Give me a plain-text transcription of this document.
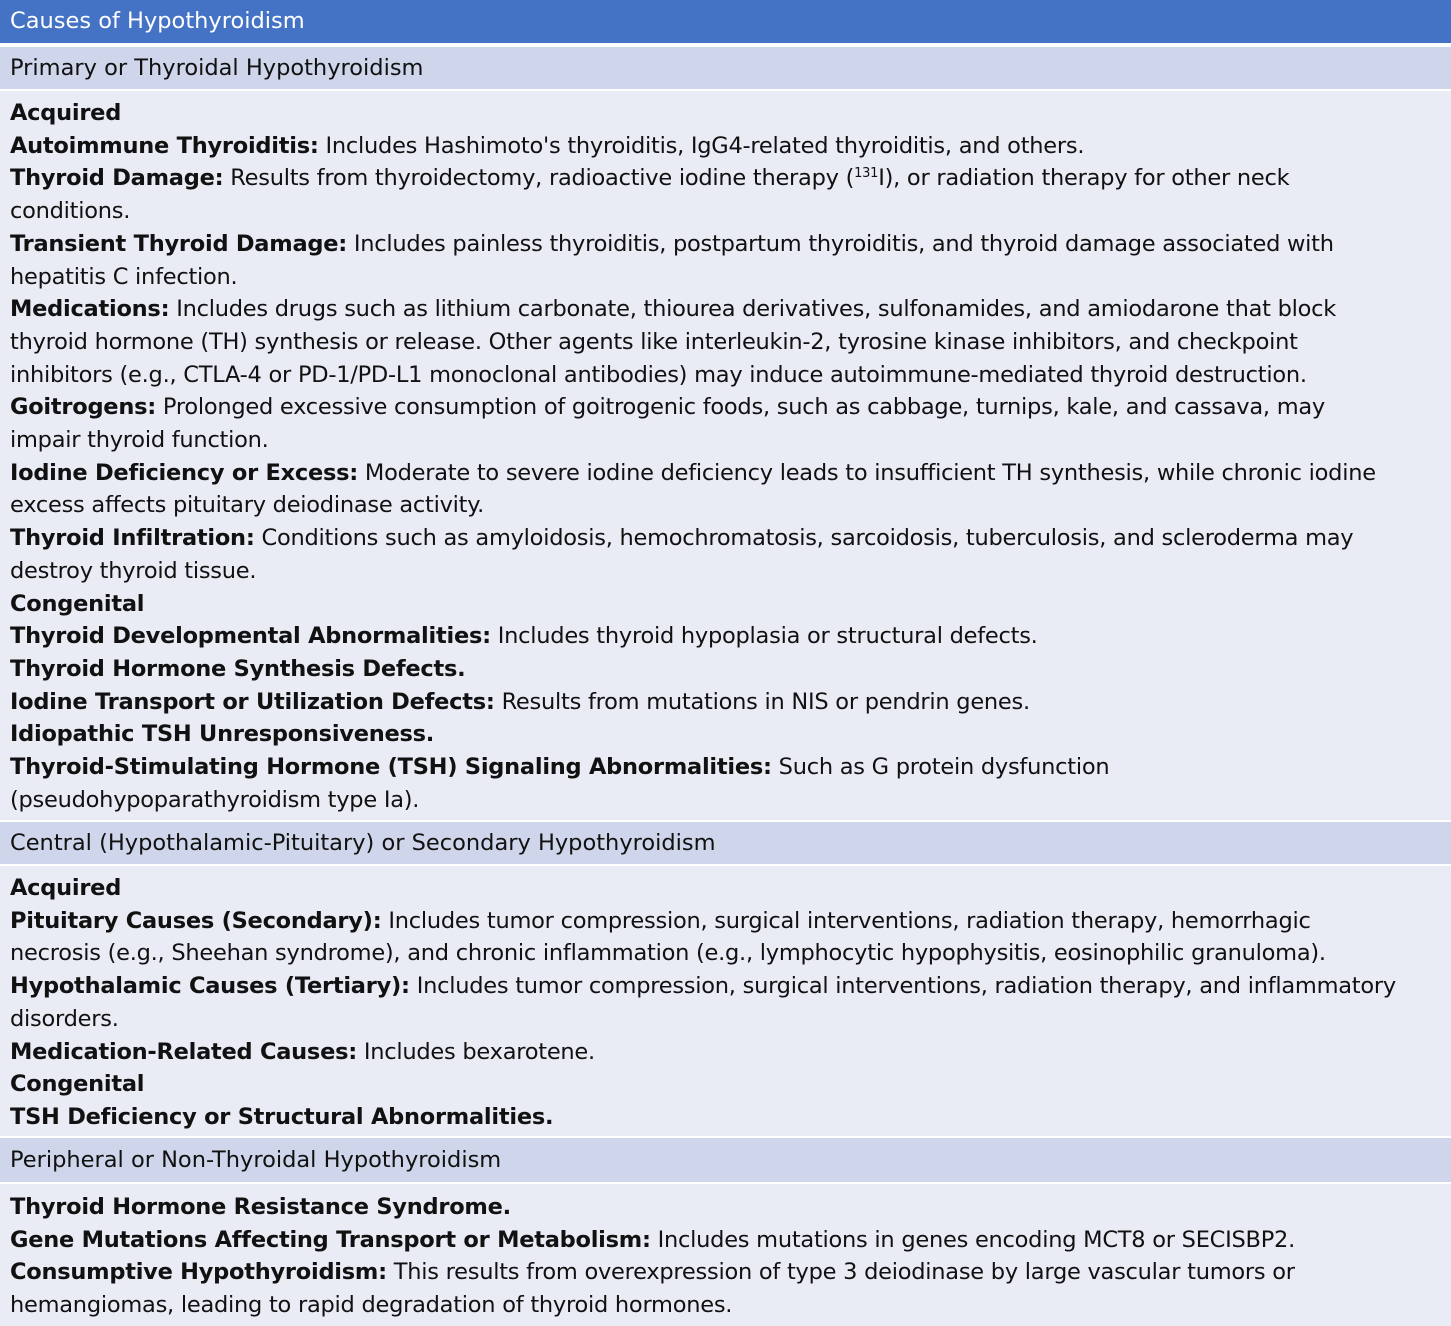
Causes of Hypothyroidism
Primary or Thyroidal Hypothyroidism
Acquired
Autoimmune Thyroiditis: Includes Hashimoto's thyroiditis, IgG4-related thyroiditis, and others.
Thyroid Damage: Results from thyroidectomy, radioactive iodine therapy ($^{131}$I), or radiation therapy for other neck
conditions.
Transient Thyroid Damage: Includes painless thyroiditis, postpartum thyroiditis, and thyroid damage associated with
hepatitis C infection.
Medications: Includes drugs such as lithium carbonate, thiourea derivatives, sulfonamides, and amiodarone that block
thyroid hormone (TH) synthesis or release. Other agents like interleukin-2, tyrosine kinase inhibitors, and checkpoint
inhibitors (e.g., CTLA-4 or PD-1/PD-L1 monoclonal antibodies) may induce autoimmune-mediated thyroid destruction.
Goitrogens: Prolonged excessive consumption of goitrogenic foods, such as cabbage, turnips, kale, and cassava, may
impair thyroid function.
Iodine Deficiency or Excess: Moderate to severe iodine deficiency leads to insufficient TH synthesis, while chronic iodine
excess affects pituitary deiodinase activity.
Thyroid Infiltration: Conditions such as amyloidosis, hemochromatosis, sarcoidosis, tuberculosis, and scleroderma may
destroy thyroid tissue.
Congenital
Thyroid Developmental Abnormalities: Includes thyroid hypoplasia or structural defects.
Thyroid Hormone Synthesis Defects.
Iodine Transport or Utilization Defects: Results from mutations in NIS or pendrin genes.
Idiopathic TSH Unresponsiveness.
Thyroid-Stimulating Hormone (TSH) Signaling Abnormalities: Such as G protein dysfunction
(pseudohypoparathyroidism type Ia).
Central (Hypothalamic-Pituitary) or Secondary Hypothyroidism
Acquired
Pituitary Causes (Secondary): Includes tumor compression, surgical interventions, radiation therapy, hemorrhagic
necrosis (e.g., Sheehan syndrome), and chronic inflammation (e.g., lymphocytic hypophysitis, eosinophilic granuloma).
Hypothalamic Causes (Tertiary): Includes tumor compression, surgical interventions, radiation therapy, and inflammatory
disorders.
Medication-Related Causes: Includes bexarotene.
Congenital
TSH Deficiency or Structural Abnormalities.
Peripheral or Non-Thyroidal Hypothyroidism
Thyroid Hormone Resistance Syndrome.
Gene Mutations Affecting Transport or Metabolism: Includes mutations in genes encoding MCT8 or SECISBP2.
Consumptive Hypothyroidism: This results from overexpression of type 3 deiodinase by large vascular tumors or
hemangiomas, leading to rapid degradation of thyroid hormones.
